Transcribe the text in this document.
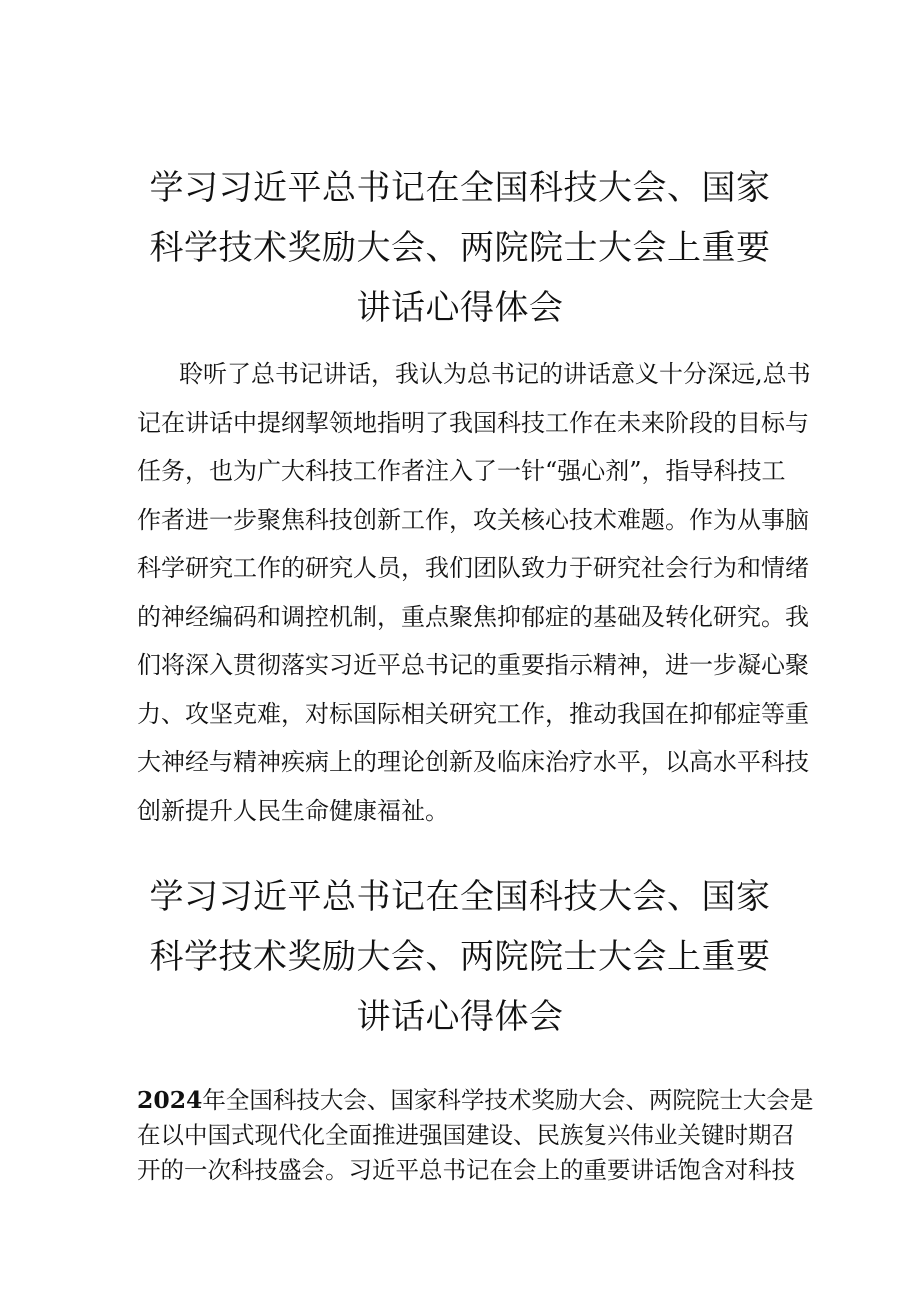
学习习近平总书记在全国科技大会、国家
科学技术奖励大会、两院院士大会上重要
讲话心得体会
聆听了总书记讲话，我认为总书记的讲话意义十分深远,总书
记在讲话中提纲挈领地指明了我国科技工作在未来阶段的目标与
任务，也为广大科技工作者注入了一针“强心剂”，指导科技工
作者进一步聚焦科技创新工作，攻关核心技术难题。作为从事脑
科学研究工作的研究人员，我们团队致力于研究社会行为和情绪
的神经编码和调控机制，重点聚焦抑郁症的基础及转化研究。我
们将深入贯彻落实习近平总书记的重要指示精神，进一步凝心聚
力、攻坚克难，对标国际相关研究工作，推动我国在抑郁症等重
大神经与精神疾病上的理论创新及临床治疗水平，以高水平科技
创新提升人民生命健康福祉。
学习习近平总书记在全国科技大会、国家
科学技术奖励大会、两院院士大会上重要
讲话心得体会
2024年全国科技大会、国家科学技术奖励大会、两院院士大会是
在以中国式现代化全面推进强国建设、民族复兴伟业关键时期召
开的一次科技盛会。习近平总书记在会上的重要讲话饱含对科技
